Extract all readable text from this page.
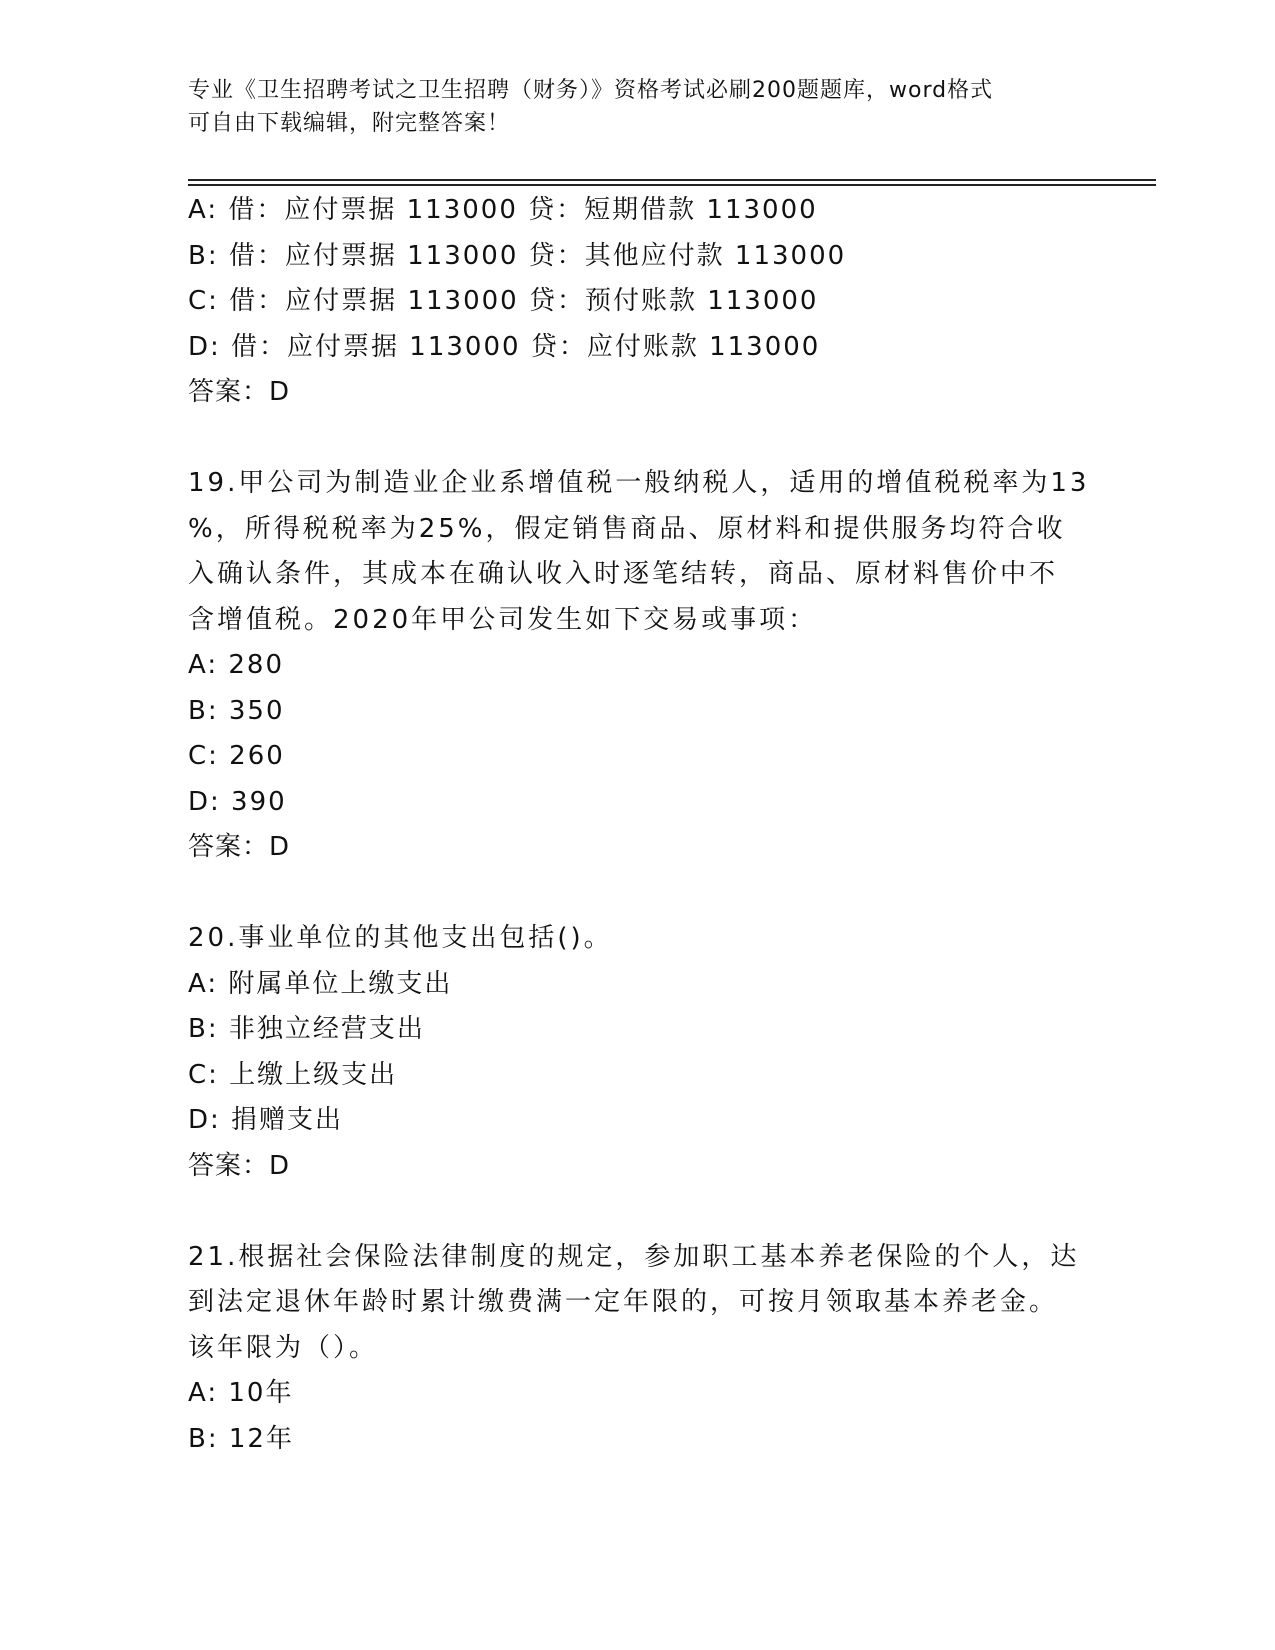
专业《卫生招聘考试之卫生招聘（财务）》资格考试必刷200题题库，word格式
可自由下载编辑，附完整答案！
A: 借：应付票据 113000 贷：短期借款 113000
B: 借：应付票据 113000 贷：其他应付款 113000
C: 借：应付票据 113000 贷：预付账款 113000
D: 借：应付票据 113000 贷：应付账款 113000
答案：D
19.甲公司为制造业企业系增值税一般纳税人，适用的增值税税率为13
%，所得税税率为25%，假定销售商品、原材料和提供服务均符合收
入确认条件，其成本在确认收入时逐笔结转，商品、原材料售价中不
含增值税。2020年甲公司发生如下交易或事项：
A: 280
B: 350
C: 260
D: 390
答案：D
20.事业单位的其他支出包括()。
A: 附属单位上缴支出
B: 非独立经营支出
C: 上缴上级支出
D: 捐赠支出
答案：D
21.根据社会保险法律制度的规定，参加职工基本养老保险的个人，达
到法定退休年龄时累计缴费满一定年限的，可按月领取基本养老金。
该年限为（）。
A: 10年
B: 12年
